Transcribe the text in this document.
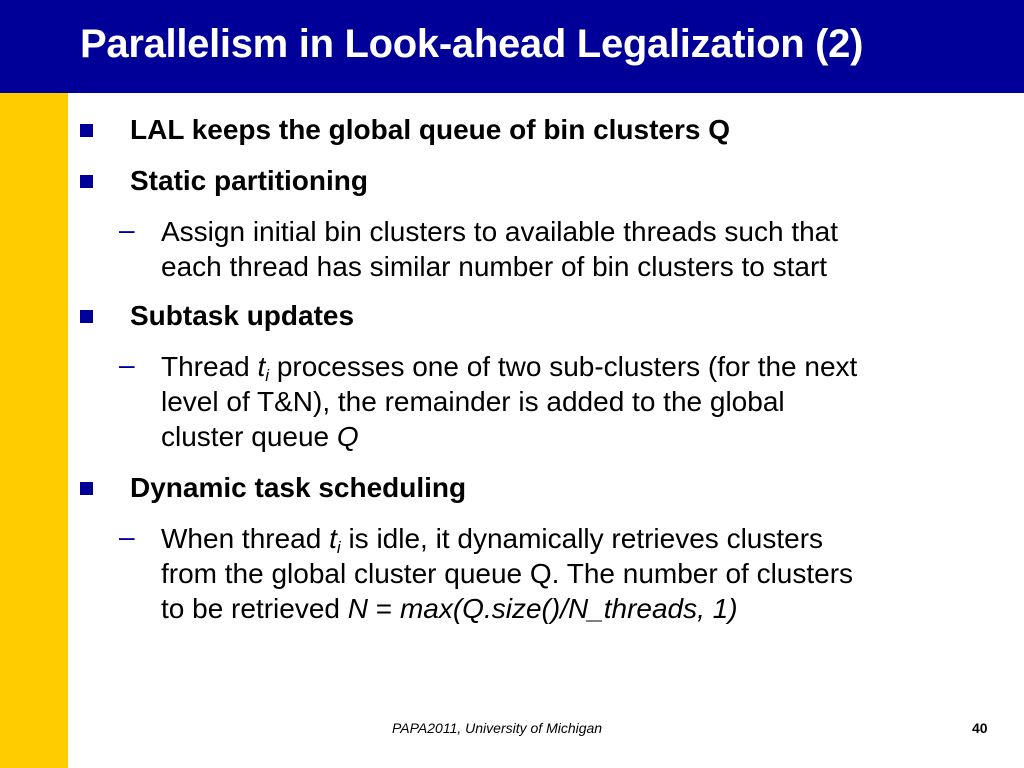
Parallelism in Look-ahead Legalization (2)
LAL keeps the global queue of bin clusters Q
Static partitioning
– Assign initial bin clusters to available threads such that
each thread has similar number of bin clusters to start
Subtask updates
– Thread $t_i$ processes one of two sub-clusters (for the next
level of T&N), the remainder is added to the global
cluster queue Q
Dynamic task scheduling
– When thread $t_i$ is idle, it dynamically retrieves clusters
from the global cluster queue Q. The number of clusters
to be retrieved N = max(Q.size()/N_threads, 1)
PAPA2011, University of Michigan	40
